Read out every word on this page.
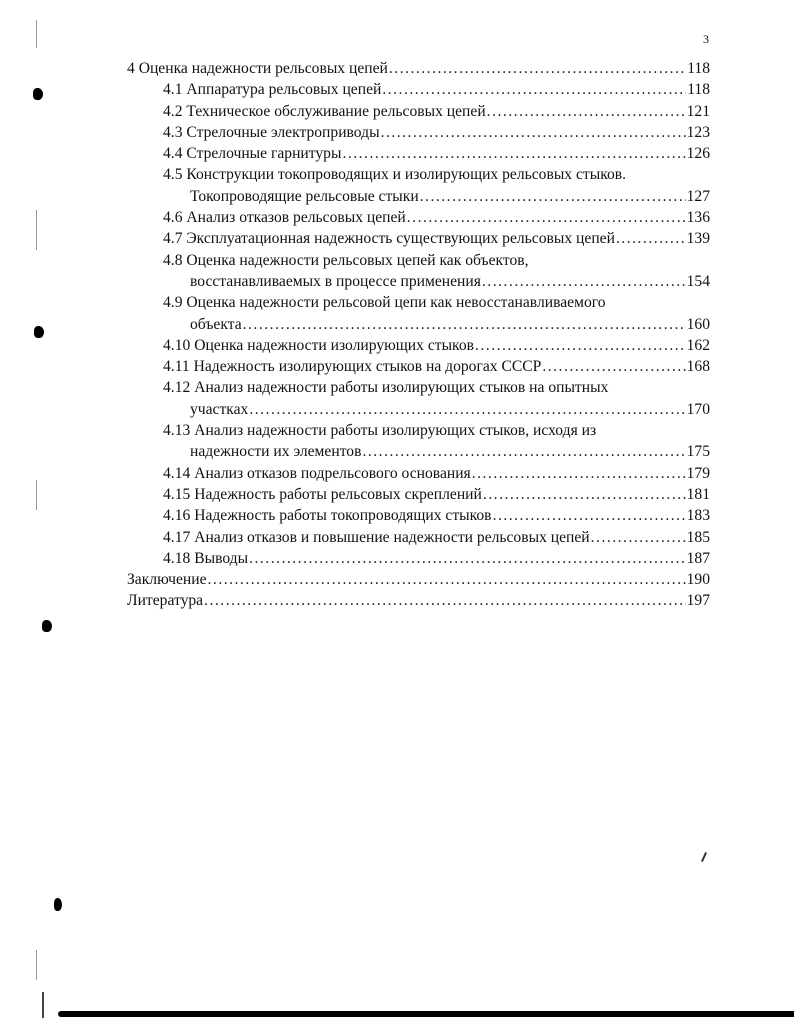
3
4 Оценка надежности рельсовых цепей .....	118
4.1 Аппаратура рельсовых цепей .....	118
4.2 Техническое обслуживание рельсовых цепей .....	121
4.3 Стрелочные электроприводы .....	123
4.4 Стрелочные гарнитуры .....	126
4.5 Конструкции токопроводящих и изолирующих рельсовых стыков.
Токопроводящие рельсовые стыки .....	127
4.6 Анализ отказов рельсовых цепей .....	136
4.7 Эксплуатационная надежность существующих рельсовых цепей .....	139
4.8 Оценка надежности рельсовых цепей как объектов,
восстанавливаемых в процессе применения .....	154
4.9 Оценка надежности рельсовой цепи как невосстанавливаемого
объекта .....	160
4.10 Оценка надежности изолирующих стыков .....	162
4.11 Надежность изолирующих стыков на дорогах СССР .....	168
4.12 Анализ надежности работы изолирующих стыков на опытных
участках .....	170
4.13 Анализ надежности работы изолирующих стыков, исходя из
надежности их элементов .....	175
4.14 Анализ отказов подрельсового основания .....	179
4.15 Надежность работы рельсовых скреплений .....	181
4.16 Надежность работы токопроводящих стыков .....	183
4.17 Анализ отказов и повышение надежности рельсовых цепей .....	185
4.18 Выводы .....	187
Заключение .....	190
Литература .....	197
